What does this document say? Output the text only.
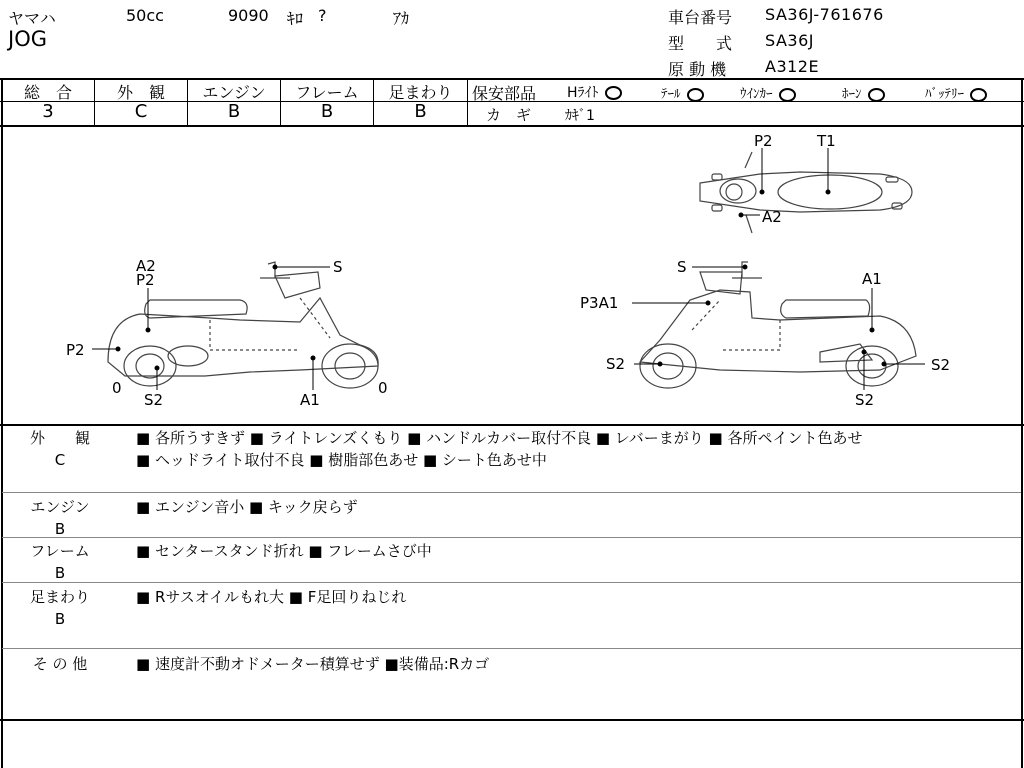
ヤマハ	50cc	9090 ｷﾛ ?	ｱｶ
JOG
車台番号 SA36J-761676
型　　式 SA36J
原 動 機 A312E
総　合	外　観	エンジン	フレーム	足まわり
3	C	B	B	B
保安部品 Hﾗｲﾄ	ﾃｰﾙ	ｳｲﾝｶｰ	ﾎｰﾝ	ﾊﾞｯﾃﾘｰ
カ　ギ ｶｷﾞ1
P2	T1
A2
A2
P2
S
P2
0
S2	A1
0
S
P3A1
A1
S2	S2
S2
外　　観
C
■ 各所うすきず ■ ライトレンズくもり ■ ハンドルカバー取付不良 ■ レバーまがり ■ 各所ペイント色あせ
■ ヘッドライト取付不良 ■ 樹脂部色あせ ■ シート色あせ中
エンジン
B
■ エンジン音小 ■ キック戻らず
フレーム
B
■ センタースタンド折れ ■ フレームさび中
足まわり
B
■ Rサスオイルもれ大 ■ F足回りねじれ
そ の 他	■ 速度計不動オドメーター積算せず ■装備品:Rカゴ
